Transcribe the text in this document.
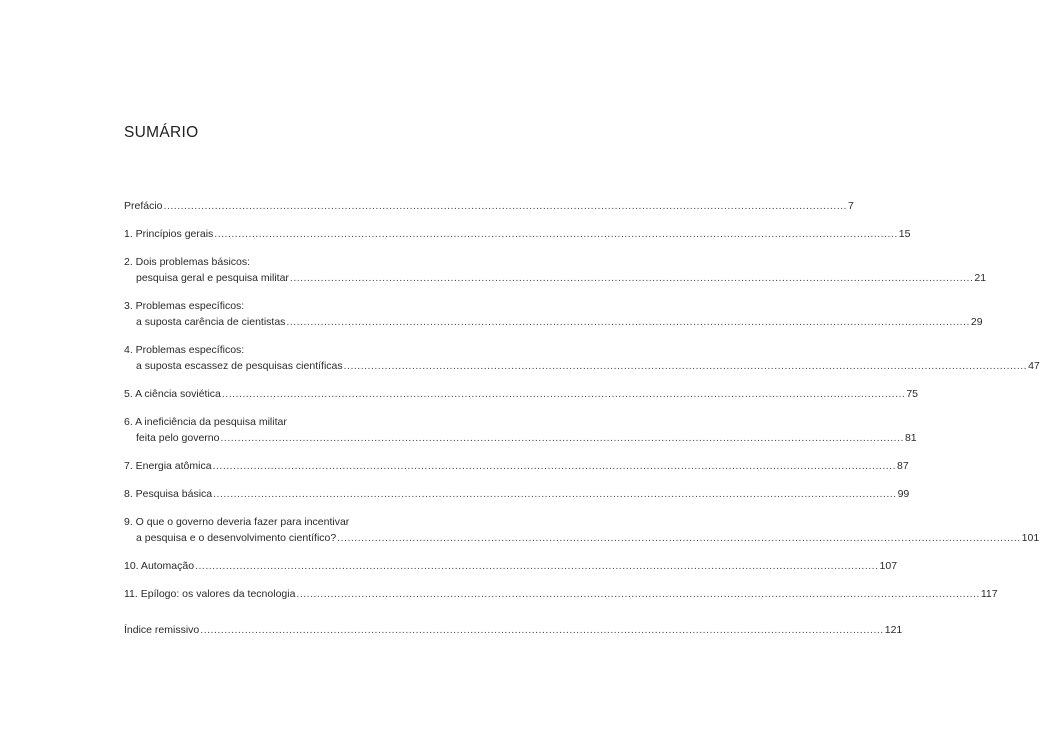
SUMÁRIO
Prefácio ........................................................................................................................................................................................................ 7
1. Princípios gerais ........................................................................................................................................................................................................ 15
2. Dois problemas básicos:
pesquisa geral e pesquisa militar ........................................................................................................................................................................................................ 21
3. Problemas específicos:
a suposta carência de cientistas ........................................................................................................................................................................................................ 29
4. Problemas específicos:
a suposta escassez de pesquisas científicas ........................................................................................................................................................................................................ 47
5. A ciência soviética ........................................................................................................................................................................................................ 75
6. A ineficiência da pesquisa militar
feita pelo governo ........................................................................................................................................................................................................ 81
7. Energia atômica ........................................................................................................................................................................................................ 87
8. Pesquisa básica ........................................................................................................................................................................................................ 99
9. O que o governo deveria fazer para incentivar
a pesquisa e o desenvolvimento científico? ........................................................................................................................................................................................................ 101
10. Automação ........................................................................................................................................................................................................ 107
11. Epílogo: os valores da tecnologia ........................................................................................................................................................................................................ 117
Índice remissivo ........................................................................................................................................................................................................ 121
